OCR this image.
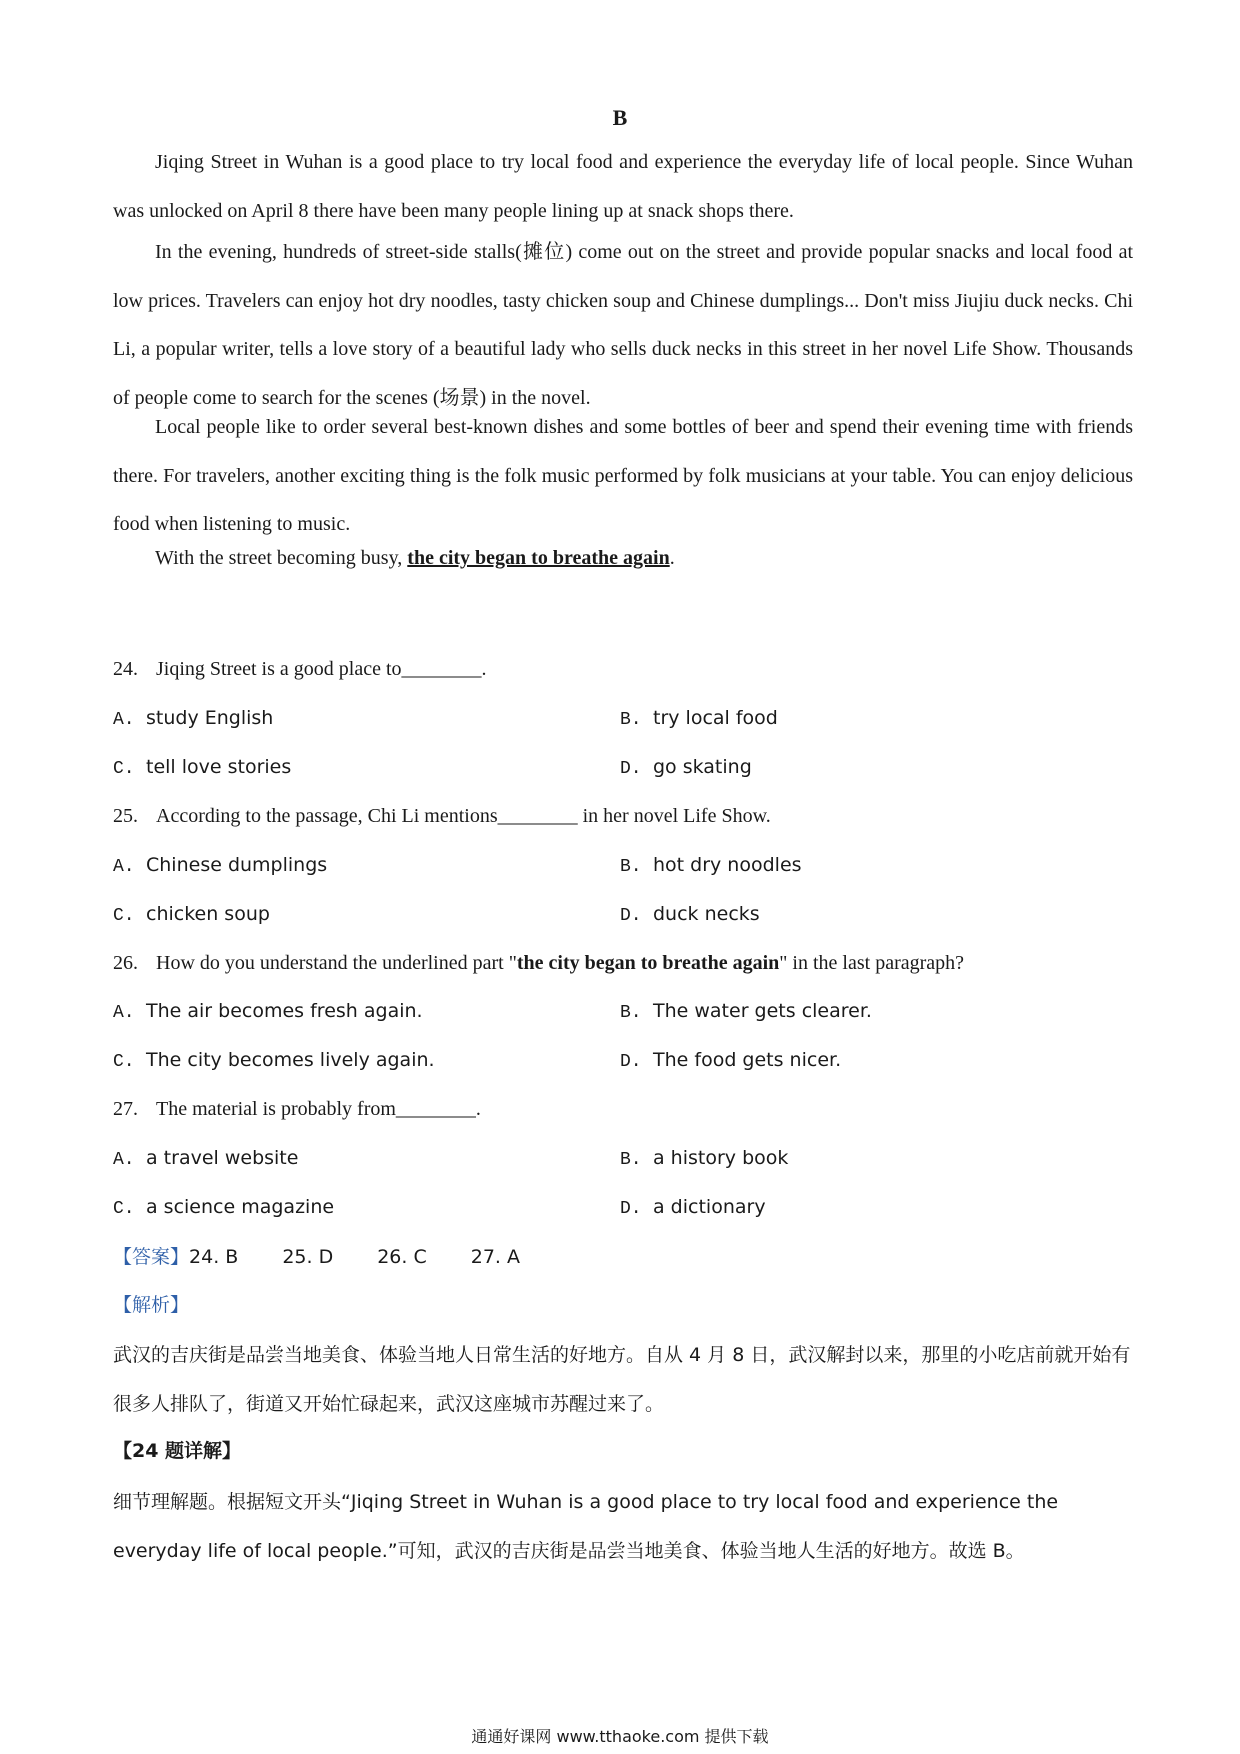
B

Jiqing Street in Wuhan is a good place to try local food and experience the everyday life of local people. Since Wuhan was unlocked on April 8 there have been many people lining up at snack shops there.

In the evening, hundreds of street-side stalls(摊位) come out on the street and provide popular snacks and local food at low prices. Travelers can enjoy hot dry noodles, tasty chicken soup and Chinese dumplings... Don't miss Jiujiu duck necks. Chi Li, a popular writer, tells a love story of a beautiful lady who sells duck necks in this street in her novel Life Show. Thousands of people come to search for the scenes (场景) in the novel.

Local people like to order several best-known dishes and some bottles of beer and spend their evening time with friends there. For travelers, another exciting thing is the folk music performed by folk musicians at your table. You can enjoy delicious food when listening to music.

With the street becoming busy, the city began to breathe again.

24. Jiqing Street is a good place to________.
A. study English	B. try local food
C. tell love stories	D. go skating
25. According to the passage, Chi Li mentions________ in her novel Life Show.
A. Chinese dumplings	B. hot dry noodles
C. chicken soup	D. duck necks
26. How do you understand the underlined part "the city began to breathe again" in the last paragraph?
A. The air becomes fresh again.	B. The water gets clearer.
C. The city becomes lively again.	D. The food gets nicer.
27. The material is probably from________.
A. a travel website	B. a history book
C. a science magazine	D. a dictionary
【答案】24. B 25. D 26. C 27. A
【解析】

武汉的吉庆街是品尝当地美食、体验当地人日常生活的好地方。自从 4 月 8 日，武汉解封以来，那里的小吃店前就开始有很多人排队了，街道又开始忙碌起来，武汉这座城市苏醒过来了。

【24 题详解】

细节理解题。根据短文开头“Jiqing Street in Wuhan is a good place to try local food and experience the everyday life of local people.”可知，武汉的吉庆街是品尝当地美食、体验当地人生活的好地方。故选 B。

通通好课网 www.tthaoke.com 提供下载
